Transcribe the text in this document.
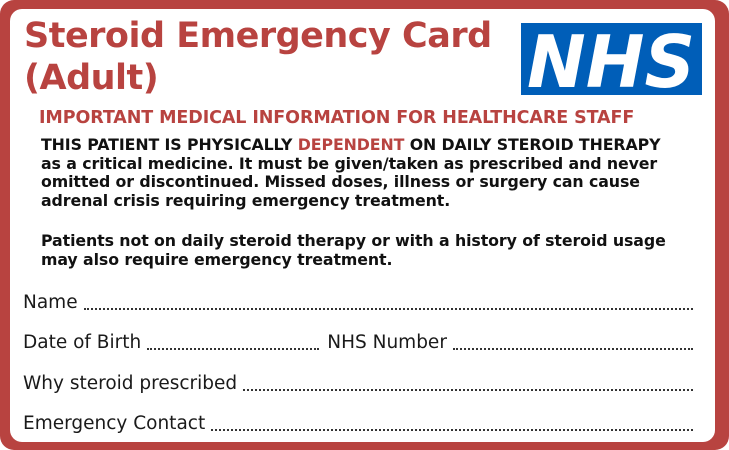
Steroid Emergency Card
(Adult)	NHS
IMPORTANT MEDICAL INFORMATION FOR HEALTHCARE STAFF
THIS PATIENT IS PHYSICALLY DEPENDENT ON DAILY STEROID THERAPY
as a critical medicine. It must be given/taken as prescribed and never
omitted or discontinued. Missed doses, illness or surgery can cause
adrenal crisis requiring emergency treatment.
Patients not on daily steroid therapy or with a history of steroid usage
may also require emergency treatment.
Name
Date of Birth	NHS Number
Why steroid prescribed
Emergency Contact
